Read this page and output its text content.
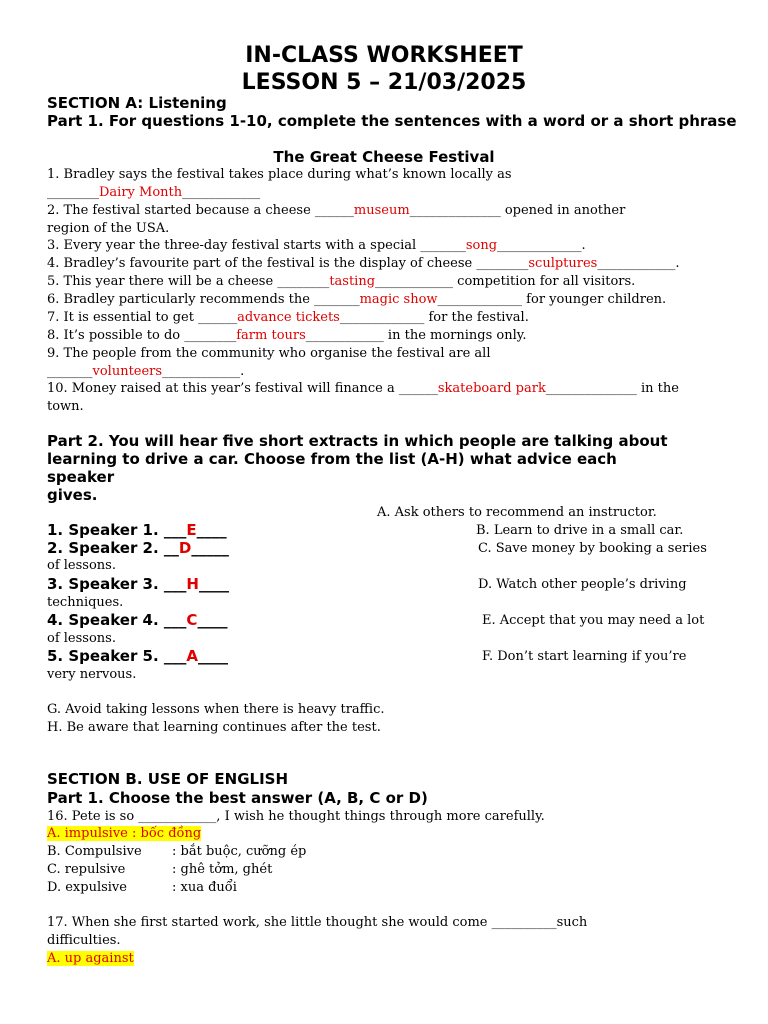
IN-CLASS WORKSHEET
LESSON 5 – 21/03/2025
SECTION A: Listening
Part 1. For questions 1-10, complete the sentences with a word or a short phrase
The Great Cheese Festival
1. Bradley says the festival takes place during what’s known locally as
________Dairy Month____________
2. The festival started because a cheese ______museum______________ opened in another
region of the USA.
3. Every year the three-day festival starts with a special _______song_____________.
4. Bradley’s favourite part of the festival is the display of cheese ________sculptures____________.
5. This year there will be a cheese ________tasting____________ competition for all visitors.
6. Bradley particularly recommends the _______magic show_____________ for younger children.
7. It is essential to get ______advance tickets_____________ for the festival.
8. It’s possible to do ________farm tours____________ in the mornings only.
9. The people from the community who organise the festival are all
_______volunteers____________.
10. Money raised at this year’s festival will finance a ______skateboard park______________ in the
town.
Part 2. You will hear five short extracts in which people are talking about
learning to drive a car. Choose from the list (A-H) what advice each
speaker
gives.
A. Ask others to recommend an instructor.
1. Speaker 1. ___E____	B. Learn to drive in a small car.
2. Speaker 2. __D_____	C. Save money by booking a series
of lessons.
3. Speaker 3. ___H____	D. Watch other people’s driving
techniques.
4. Speaker 4. ___C____	E. Accept that you may need a lot
of lessons.
5. Speaker 5. ___A____	F. Don’t start learning if you’re
very nervous.
G. Avoid taking lessons when there is heavy traffic.
H. Be aware that learning continues after the test.
SECTION B. USE OF ENGLISH
Part 1. Choose the best answer (A, B, C or D)
16. Pete is so ____________, I wish he thought things through more carefully.
A. impulsive : bốc đồng
B. Compulsive : bắt buộc, cưỡng ép
C. repulsive	: ghê tởm, ghét
D. expulsive	: xua đuổi
17. When she first started work, she little thought she would come __________such
difficulties.
A. up against
